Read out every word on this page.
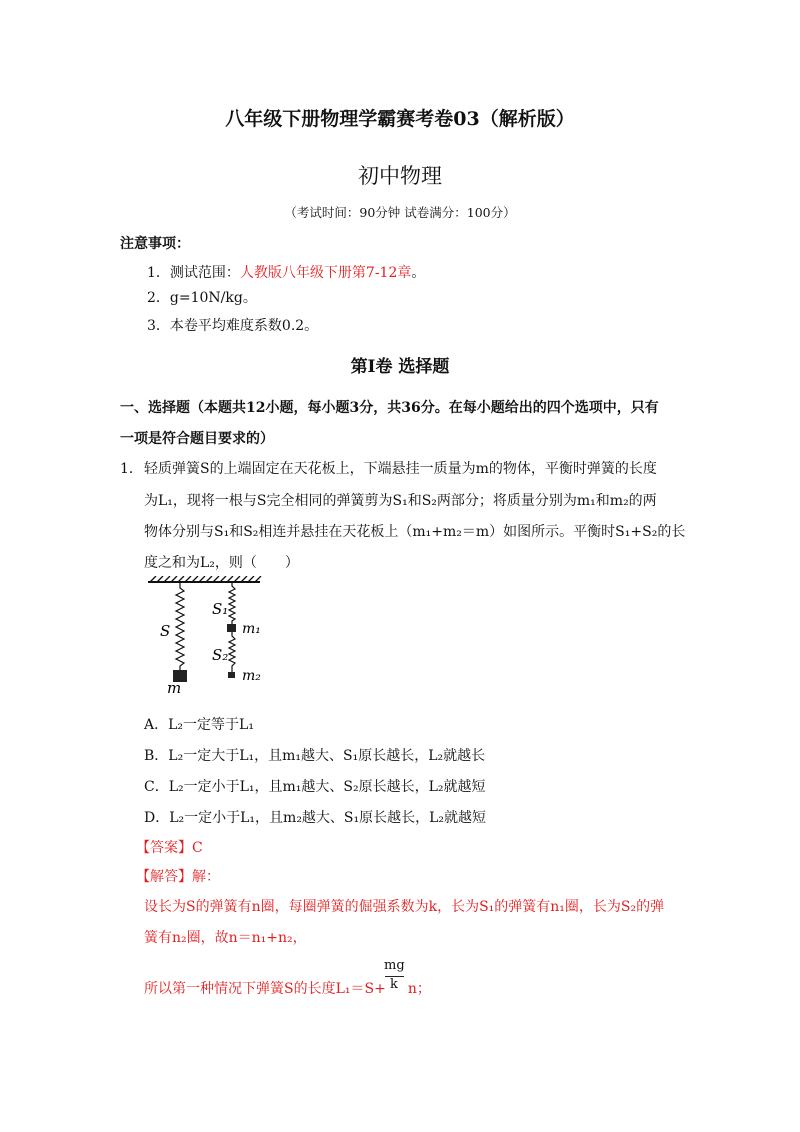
八年级下册物理学霸赛考卷03（解析版）
初中物理
（考试时间：90分钟 试卷满分：100分）
注意事项：
1．测试范围：人教版八年级下册第7-12章。
2．g=10N/kg。
3．本卷平均难度系数0.2。
第Ⅰ卷 选择题
一、选择题（本题共12小题，每小题3分，共36分。在每小题给出的四个选项中，只有
一项是符合题目要求的）
1． 轻质弹簧S的上端固定在天花板上，下端悬挂一质量为m的物体，平衡时弹簧的长度
为L₁，现将一根与S完全相同的弹簧剪为S₁和S₂两部分；将质量分别为m₁和m₂的两
物体分别与S₁和S₂相连并悬挂在天花板上（m₁+m₂＝m）如图所示。平衡时S₁+S₂的长
度之和为L₂，则（　　）
S
m
S₁
m₁
S₂
m₂
A．L₂一定等于L₁
B．L₂一定大于L₁，且m₁越大、S₁原长越长，L₂就越长
C．L₂一定小于L₁，且m₁越大、S₂原长越长，L₂就越短
D．L₂一定小于L₁，且m₂越大、S₁原长越长，L₂就越短
【答案】C
【解答】解：
设长为S的弹簧有n圈，每圈弹簧的倔强系数为k，长为S₁的弹簧有n₁圈，长为S₂的弹
簧有n₂圈，故n＝n₁+n₂，
所以第一种情况下弹簧S的长度L₁＝S+ n；
mg
k
